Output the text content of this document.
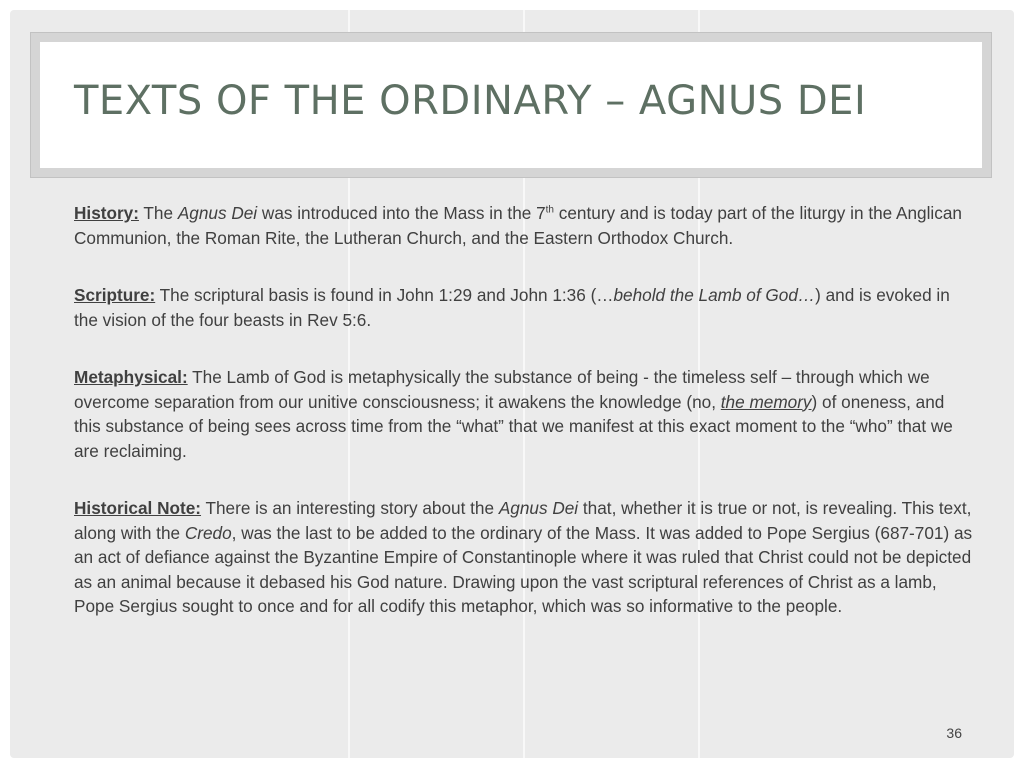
TEXTS OF THE ORDINARY – AGNUS DEI

History: The Agnus Dei was introduced into the Mass in the 7th century and is today part of the liturgy in the Anglican Communion, the Roman Rite, the Lutheran Church, and the Eastern Orthodox Church.

Scripture: The scriptural basis is found in John 1:29 and John 1:36 (…behold the Lamb of God…) and is evoked in the vision of the four beasts in Rev 5:6.

Metaphysical: The Lamb of God is metaphysically the substance of being - the timeless self – through which we overcome separation from our unitive consciousness; it awakens the knowledge (no, the memory) of oneness, and this substance of being sees across time from the “what” that we manifest at this exact moment to the “who” that we are reclaiming.

Historical Note: There is an interesting story about the Agnus Dei that, whether it is true or not, is revealing. This text, along with the Credo, was the last to be added to the ordinary of the Mass. It was added to Pope Sergius (687-701) as an act of defiance against the Byzantine Empire of Constantinople where it was ruled that Christ could not be depicted as an animal because it debased his God nature. Drawing upon the vast scriptural references of Christ as a lamb, Pope Sergius sought to once and for all codify this metaphor, which was so informative to the people.

36
